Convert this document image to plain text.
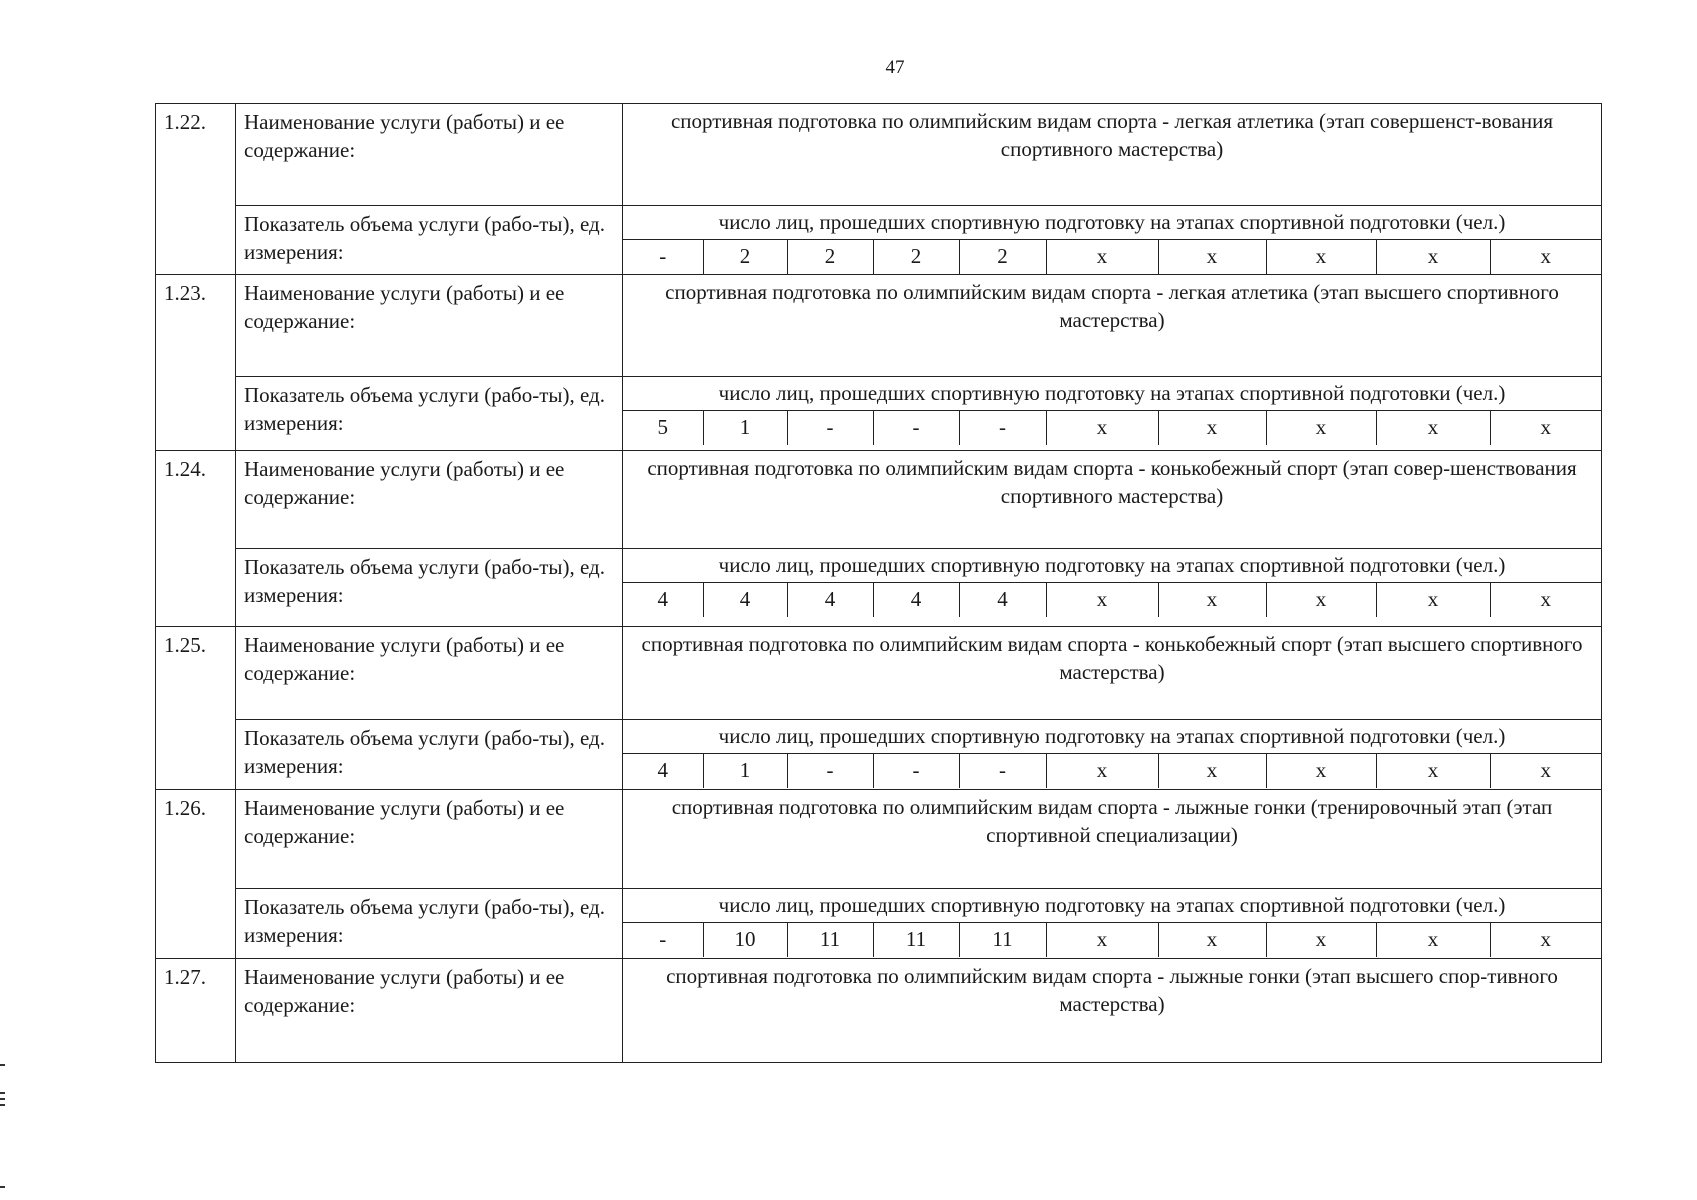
47
1.22.	Наименование услуги (работы) и ее содержание:	спортивная подготовка по олимпийским видам спорта - легкая атлетика (этап совершенст-вования спортивного мастерства)
Показатель объема услуги (рабо-ты), ед. измерения:	
число лиц, прошедших спортивную подготовку на этапах спортивной подготовки (чел.)
-	2	2	2	2	x	x	x	x	x

1.23.	Наименование услуги (работы) и ее содержание:	спортивная подготовка по олимпийским видам спорта - легкая атлетика (этап высшего спортивного мастерства)
Показатель объема услуги (рабо-ты), ед. измерения:	
число лиц, прошедших спортивную подготовку на этапах спортивной подготовки (чел.)
5	1	-	-	-	x	x	x	x	x

1.24.	Наименование услуги (работы) и ее содержание:	спортивная подготовка по олимпийским видам спорта - конькобежный спорт (этап совер-шенствования спортивного мастерства)
Показатель объема услуги (рабо-ты), ед. измерения:	
число лиц, прошедших спортивную подготовку на этапах спортивной подготовки (чел.)
4	4	4	4	4	x	x	x	x	x

1.25.	Наименование услуги (работы) и ее содержание:	спортивная подготовка по олимпийским видам спорта - конькобежный спорт (этап высшего спортивного мастерства)
Показатель объема услуги (рабо-ты), ед. измерения:	
число лиц, прошедших спортивную подготовку на этапах спортивной подготовки (чел.)
4	1	-	-	-	x	x	x	x	x

1.26.	Наименование услуги (работы) и ее содержание:	спортивная подготовка по олимпийским видам спорта - лыжные гонки (тренировочный этап (этап спортивной специализации)
Показатель объема услуги (рабо-ты), ед. измерения:	
число лиц, прошедших спортивную подготовку на этапах спортивной подготовки (чел.)
-	10	11	11	11	x	x	x	x	x

1.27.	Наименование услуги (работы) и ее содержание:	спортивная подготовка по олимпийским видам спорта - лыжные гонки (этап высшего спор-тивного мастерства)
